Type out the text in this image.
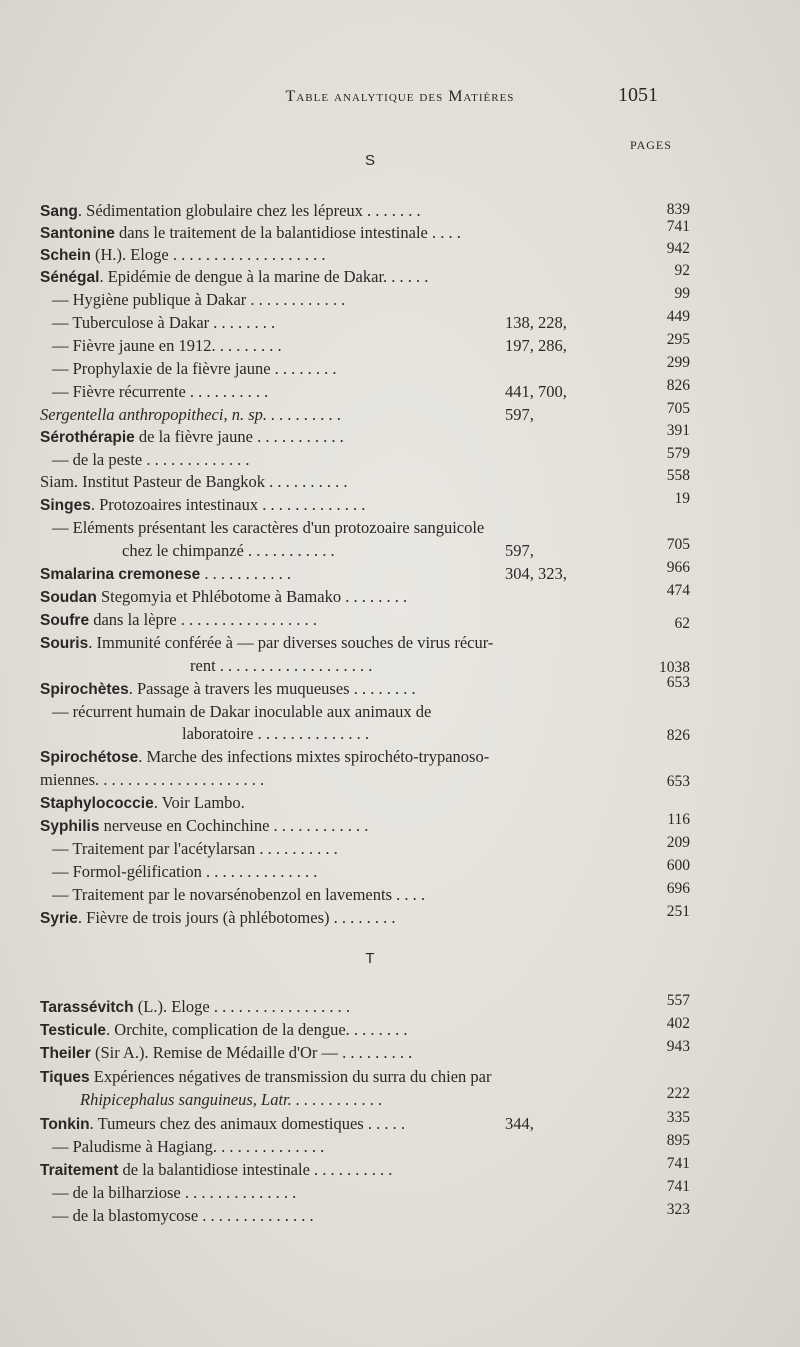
Table analytique des Matières	1051
PAGES
S
T
Sang. Sédimentation globulaire chez les lépreux . . . . . . .	839
Santonine dans le traitement de la balantidiose intestinale . . . .	741
Schein (H.). Eloge . . . . . . . . . . . . . . . . . . .	942
Sénégal. Epidémie de dengue à la marine de Dakar. . . . . .	92
— Hygiène publique à Dakar . . . . . . . . . . . .	99
— Tuberculose à Dakar . . . . . . . .	138, 228,	449
— Fièvre jaune en 1912. . . . . . . . .	197, 286,	295
— Prophylaxie de la fièvre jaune . . . . . . . .	299
— Fièvre récurrente . . . . . . . . . .	441, 700,	826
Sergentella anthropopitheci, n. sp. . . . . . . . . .	597,	705
Sérothérapie de la fièvre jaune . . . . . . . . . . .	391
— de la peste . . . . . . . . . . . . .	579
Siam. Institut Pasteur de Bangkok . . . . . . . . . .	558
Singes. Protozoaires intestinaux . . . . . . . . . . . . .	19
— Eléments présentant les caractères d'un protozoaire sanguicole
chez le chimpanzé . . . . . . . . . . .	597,	705
Smalarina cremonese . . . . . . . . . . .	304, 323,	966
Soudan Stegomyia et Phlébotome à Bamako . . . . . . . .	474
Soufre dans la lèpre . . . . . . . . . . . . . . . . .	62
Souris. Immunité conférée à — par diverses souches de virus récur-
rent . . . . . . . . . . . . . . . . . . .	1038
Spirochètes. Passage à travers les muqueuses . . . . . . . .	653
— récurrent humain de Dakar inoculable aux animaux de
laboratoire . . . . . . . . . . . . . .	826
Spirochétose. Marche des infections mixtes spirochéto-trypanoso-
miennes. . . . . . . . . . . . . . . . . . . . .	653
Staphylococcie. Voir Lambo.
Syphilis nerveuse en Cochinchine . . . . . . . . . . . .	116
— Traitement par l'acétylarsan . . . . . . . . . .	209
— Formol-gélification . . . . . . . . . . . . . .	600
— Traitement par le novarsénobenzol en lavements . . . .	696
Syrie. Fièvre de trois jours (à phlébotomes) . . . . . . . .	251
Tarassévitch (L.). Eloge . . . . . . . . . . . . . . . . .	557
Testicule. Orchite, complication de la dengue. . . . . . . .	402
Theiler (Sir A.). Remise de Médaille d'Or — . . . . . . . . .	943
Tiques Expériences négatives de transmission du surra du chien par
Rhipicephalus sanguineus, Latr. . . . . . . . . . . .	222
Tonkin. Tumeurs chez des animaux domestiques . . . . .	344,	335
— Paludisme à Hagiang. . . . . . . . . . . . . .	895
Traitement de la balantidiose intestinale . . . . . . . . . .	741
— de la bilharziose . . . . . . . . . . . . . .	741
— de la blastomycose . . . . . . . . . . . . . .	323
